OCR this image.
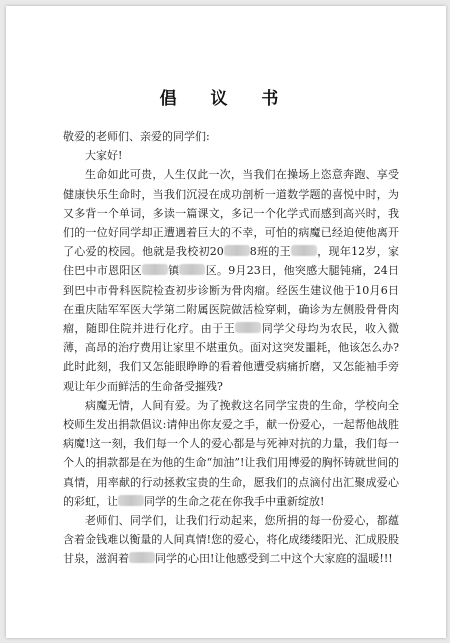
倡 议 书

敬爱的老师们、亲爱的同学们:

大家好!

生命如此可贵，人生仅此一次，当我们在操场上恣意奔跑、享受健康快乐生命时，当我们沉浸在成功剖析一道数学题的喜悦中时，为又多背一个单词，多读一篇课文，多记一个化学式而感到高兴时，我们的一位好同学却正遭遇着巨大的不幸，可怕的病魔已经迫使他离开了心爱的校园。他就是我校初20 8班的王 ，现年12岁，家住巴中市恩阳区 镇 区。9月23日，他突感大腿钝痛，24日到巴中市骨科医院检查初步诊断为骨肉瘤。经医生建议他于10月6日在重庆陆军军医大学第二附属医院做活检穿刺，确诊为左侧股骨骨肉瘤，随即住院并进行化疗。由于王 同学父母均为农民，收入微薄，高昂的治疗费用让家里不堪重负。面对这突发噩耗，他该怎么办?此时此刻，我们又怎能眼睁睁的看着他遭受病痛折磨，又怎能袖手旁观让年少而鲜活的生命备受摧残?

病魔无情，人间有爱。为了挽救这名同学宝贵的生命，学校向全校师生发出捐款倡议:请伸出你友爱之手，献一份爱心，一起帮他战胜病魔!这一刻，我们每一个人的爱心都是与死神对抗的力量，我们每一个人的捐款都是在为他的生命“加油”!让我们用博爱的胸怀铸就世间的真情，用率献的行动拯救宝贵的生命，愿我们的点滴付出汇聚成爱心的彩虹，让 同学的生命之花在你我手中重新绽放!

老师们、同学们，让我们行动起来，您所捐的每一份爱心，都蕴含着金钱难以衡量的人间真情!您的爱心，将化成缕缕阳光、汇成股股甘泉，滋润着 同学的心田!让他感受到二中这个大家庭的温暖!!!
